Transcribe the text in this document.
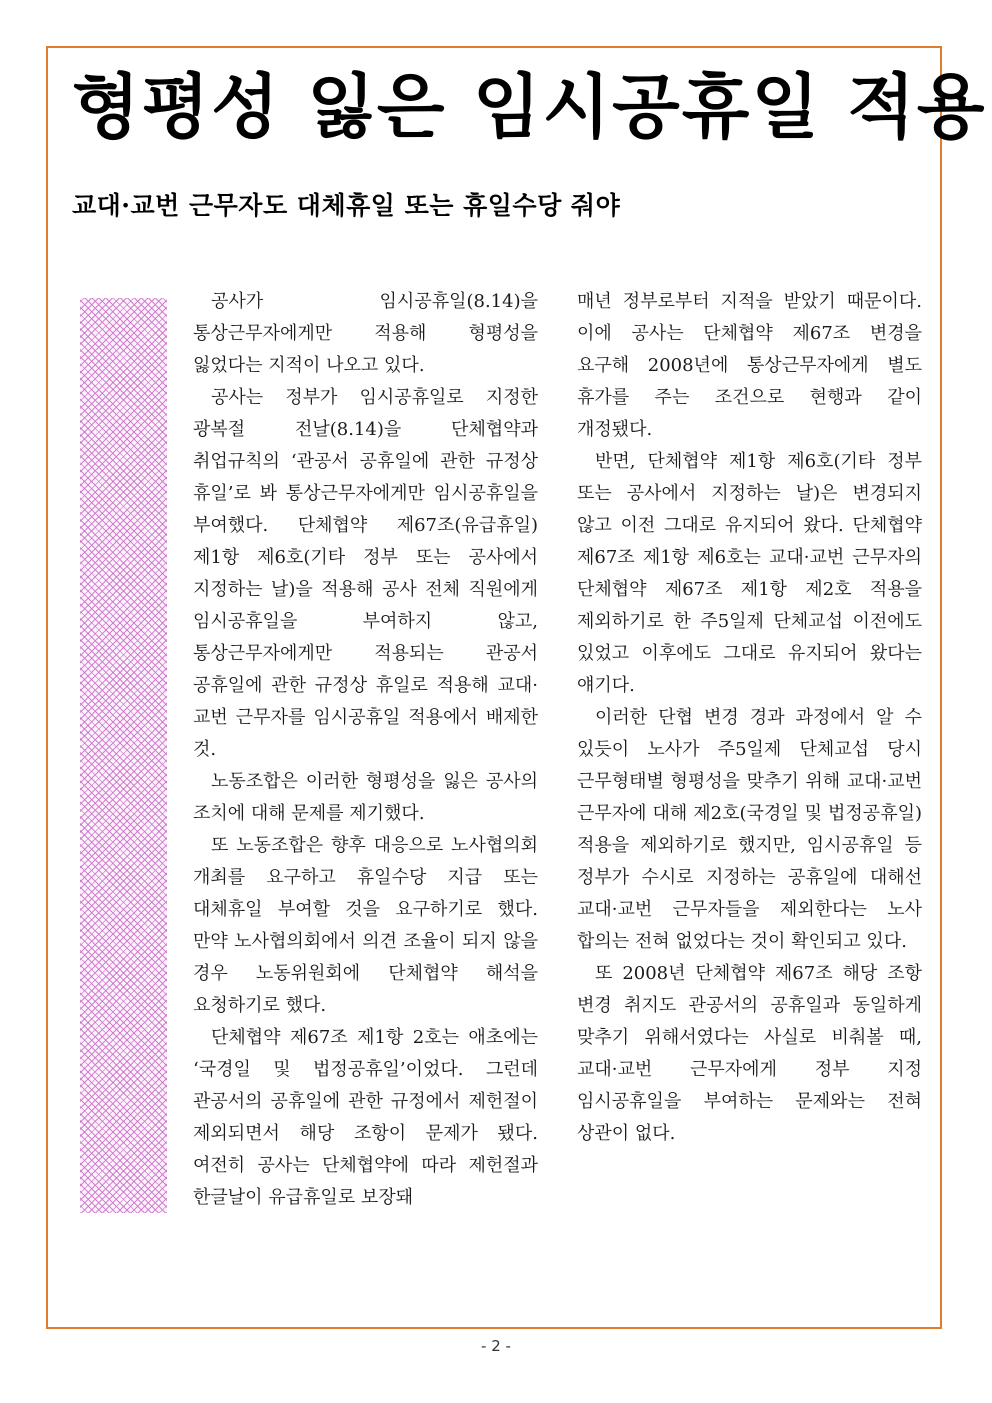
형평성 잃은 임시공휴일 적용
교대·교번 근무자도 대체휴일 또는 휴일수당 줘야

공사가 임시공휴일(8.14)을 통상근무자에게만 적용해 형평성을 잃었다는 지적이 나오고 있다.

공사는 정부가 임시공휴일로 지정한 광복절 전날(8.14)을 단체협약과 취업규칙의 ‘관공서 공휴일에 관한 규정상 휴일’로 봐 통상근무자에게만 임시공휴일을 부여했다. 단체협약 제67조(유급휴일) 제1항 제6호(기타 정부 또는 공사에서 지정하는 날)을 적용해 공사 전체 직원에게 임시공휴일을 부여하지 않고, 통상근무자에게만 적용되는 관공서 공휴일에 관한 규정상 휴일로 적용해 교대·교번 근무자를 임시공휴일 적용에서 배제한 것.

노동조합은 이러한 형평성을 잃은 공사의 조치에 대해 문제를 제기했다.

또 노동조합은 향후 대응으로 노사협의회 개최를 요구하고 휴일수당 지급 또는 대체휴일 부여할 것을 요구하기로 했다. 만약 노사협의회에서 의견 조율이 되지 않을 경우 노동위원회에 단체협약 해석을 요청하기로 했다.

단체협약 제67조 제1항 2호는 애초에는 ‘국경일 및 법정공휴일’이었다. 그런데 관공서의 공휴일에 관한 규정에서 제헌절이 제외되면서 해당 조항이 문제가 됐다. 여전히 공사는 단체협약에 따라 제헌절과 한글날이 유급휴일로 보장돼

매년 정부로부터 지적을 받았기 때문이다. 이에 공사는 단체협약 제67조 변경을 요구해 2008년에 통상근무자에게 별도 휴가를 주는 조건으로 현행과 같이 개정됐다.

반면, 단체협약 제1항 제6호(기타 정부 또는 공사에서 지정하는 날)은 변경되지 않고 이전 그대로 유지되어 왔다. 단체협약 제67조 제1항 제6호는 교대·교번 근무자의 단체협약 제67조 제1항 제2호 적용을 제외하기로 한 주5일제 단체교섭 이전에도 있었고 이후에도 그대로 유지되어 왔다는 얘기다.

이러한 단협 변경 경과 과정에서 알 수 있듯이 노사가 주5일제 단체교섭 당시 근무형태별 형평성을 맞추기 위해 교대·교번 근무자에 대해 제2호(국경일 및 법정공휴일) 적용을 제외하기로 했지만, 임시공휴일 등 정부가 수시로 지정하는 공휴일에 대해선 교대·교번 근무자들을 제외한다는 노사 합의는 전혀 없었다는 것이 확인되고 있다.

또 2008년 단체협약 제67조 해당 조항 변경 취지도 관공서의 공휴일과 동일하게 맞추기 위해서였다는 사실로 비춰볼 때, 교대·교번 근무자에게 정부 지정 임시공휴일을 부여하는 문제와는 전혀 상관이 없다.

- 2 -
